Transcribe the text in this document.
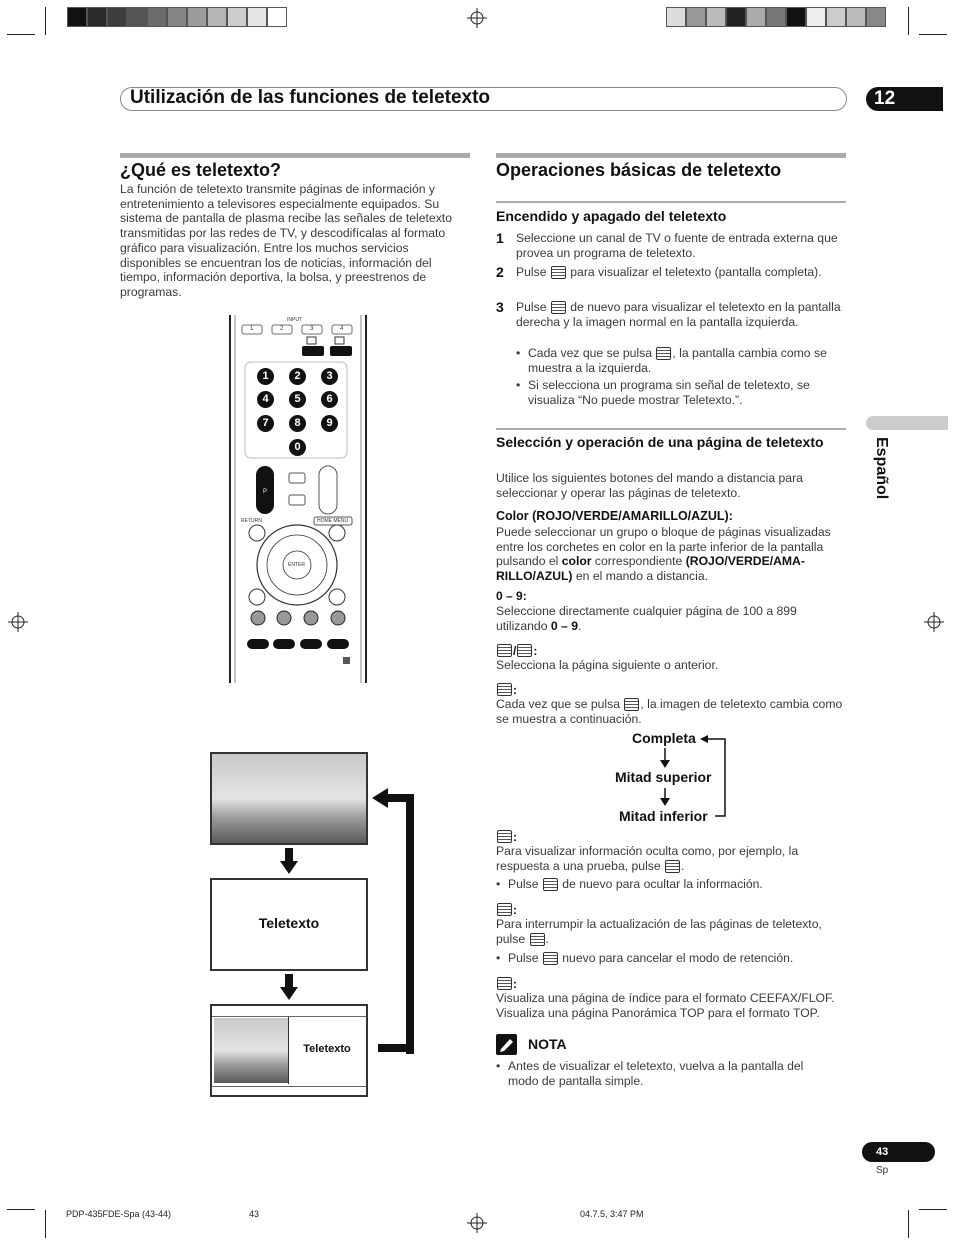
Utilización de las funciones de teletexto	12
Español
¿Qué es teletexto?
La función de teletexto transmite páginas de información y entretenimiento a televisores especialmente equipados. Su sistema de pantalla de plasma recibe las señales de teletexto transmitidas por las redes de TV, y descodifícalas al formato gráfico para visualización. Entre los muchos servicios disponibles se encuentran los de noticias, información del tiempo, información deportiva, la bolsa, y preestrenos de programas.
P
INPUT
1	2	3	4
1	2	3
4	5	6
7	8	9
0
RETURN	HOME MENU
ENTER
Teletexto
Teletexto
Operaciones básicas de teletexto
Encendido y apagado del teletexto
1 Seleccione un canal de TV o fuente de entrada externa que provea un programa de teletexto.
2 Pulse para visualizar el teletexto (pantalla completa).
3 Pulse de nuevo para visualizar el teletexto en la pantalla derecha y la imagen normal en la pantalla izquierda.
• Cada vez que se pulsa , la pantalla cambia como se muestra a la izquierda.
• Si selecciona un programa sin señal de teletexto, se visualiza “No puede mostrar Teletexto.”.
Selección y operación de una página de teletexto
Utilice los siguientes botones del mando a distancia para seleccionar y operar las páginas de teletexto.
Color (ROJO/VERDE/AMARILLO/AZUL):
Puede seleccionar un grupo o bloque de páginas visualizadas entre los corchetes en color en la parte inferior de la pantalla pulsando el color correspondiente (ROJO/VERDE/AMA-RILLO/AZUL) en el mando a distancia.
0 – 9:
Seleccione directamente cualquier página de 100 a 899 utilizando 0 – 9.
/ :
Selecciona la página siguiente o anterior.
:
Cada vez que se pulsa , la imagen de teletexto cambia como se muestra a continuación.
Completa
Mitad superior
Mitad inferior
:
Para visualizar información oculta como, por ejemplo, la respuesta a una prueba, pulse .
• Pulse de nuevo para ocultar la información.
:
Para interrumpir la actualización de las páginas de teletexto, pulse .
• Pulse nuevo para cancelar el modo de retención.
:
Visualiza una página de índice para el formato CEEFAX/FLOF. Visualiza una página Panorámica TOP para el formato TOP.
NOTA
• Antes de visualizar el teletexto, vuelva a la pantalla del modo de pantalla simple.
43
Sp
PDP-435FDE-Spa (43-44)	43	04.7.5, 3:47 PM
